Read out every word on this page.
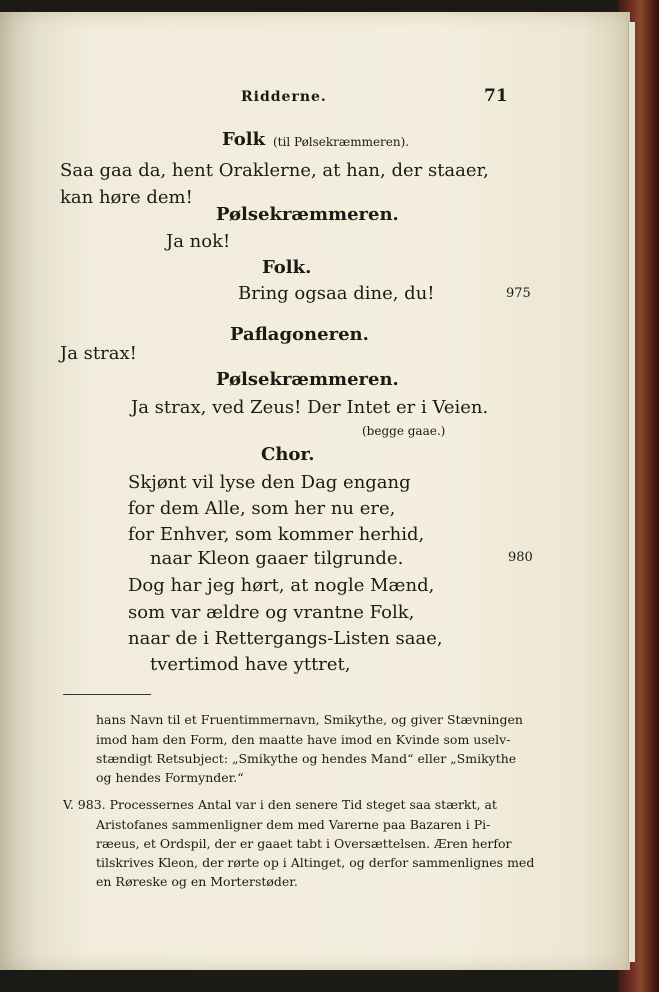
Ridderne.	71
Folk (til Pølsekræmmeren).
Saa gaa da, hent Oraklerne, at han, der staaer,
kan høre dem!
Pølsekræmmeren.
Ja nok!
Folk.
Bring ogsaa dine, du!	975
Paflagoneren.
Ja strax!
Pølsekræmmeren.
Ja strax, ved Zeus! Der Intet er i Veien.
(begge gaae.)
Chor.
Skjønt vil lyse den Dag engang
for dem Alle, som her nu ere,
for Enhver, som kommer herhid,
naar Kleon gaaer tilgrunde.	980
Dog har jeg hørt, at nogle Mænd,
som var ældre og vrantne Folk,
naar de i Rettergangs-Listen saae,
tvertimod have yttret,
hans Navn til et Fruentimmernavn, Smikythe, og giver Stævningen
imod ham den Form, den maatte have imod en Kvinde som uselv-
stændigt Retsubject: „Smikythe og hendes Mand“ eller „Smikythe
og hendes Formynder.“
V. 983. Processernes Antal var i den senere Tid steget saa stærkt, at
Aristofanes sammenligner dem med Varerne paa Bazaren i Pi-
ræeus, et Ordspil, der er gaaet tabt i Oversættelsen. Æren herfor
tilskrives Kleon, der rørte op i Altinget, og derfor sammenlignes med
en Røreske og en Morterstøder.
